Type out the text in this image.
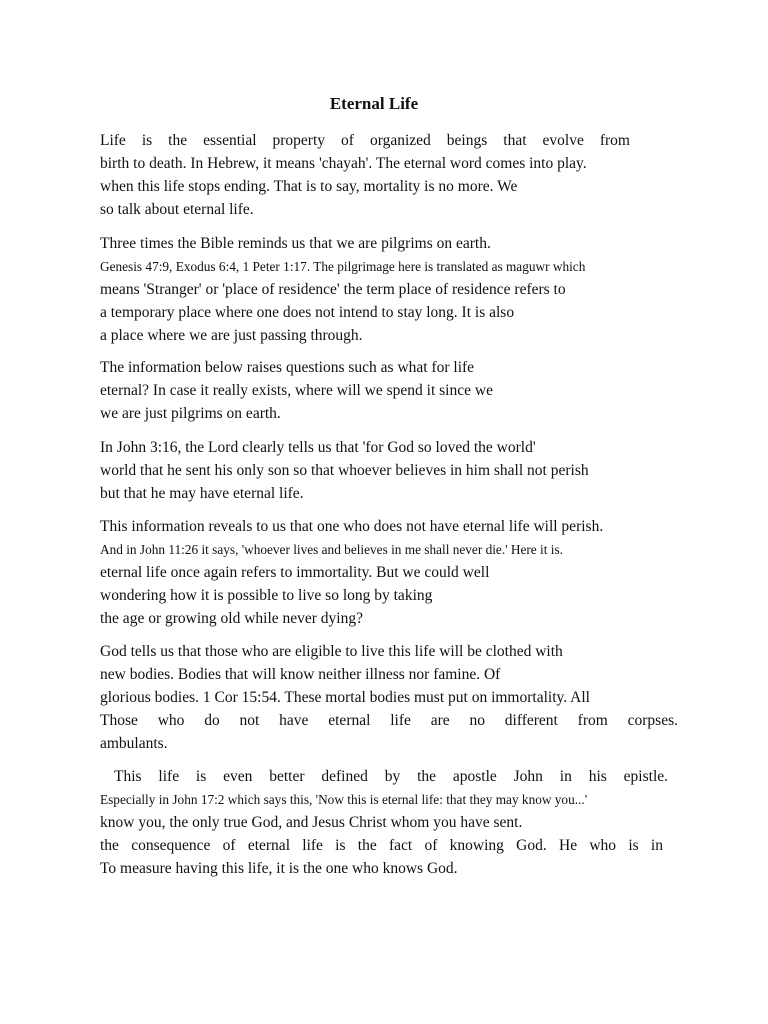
Eternal Life

Life is the essential property of organized beings that evolve from
birth to death. In Hebrew, it means 'chayah'. The eternal word comes into play.
when this life stops ending. That is to say, mortality is no more. We
so talk about eternal life.

Three times the Bible reminds us that we are pilgrims on earth.
Genesis 47:9, Exodus 6:4, 1 Peter 1:17. The pilgrimage here is translated as maguwr which
means 'Stranger' or 'place of residence' the term place of residence refers to
a temporary place where one does not intend to stay long. It is also
a place where we are just passing through.

The information below raises questions such as what for life
eternal? In case it really exists, where will we spend it since we
we are just pilgrims on earth.

In John 3:16, the Lord clearly tells us that 'for God so loved the world'
world that he sent his only son so that whoever believes in him shall not perish
but that he may have eternal life.

This information reveals to us that one who does not have eternal life will perish.
And in John 11:26 it says, 'whoever lives and believes in me shall never die.' Here it is.
eternal life once again refers to immortality. But we could well
wondering how it is possible to live so long by taking
the age or growing old while never dying?

God tells us that those who are eligible to live this life will be clothed with
new bodies. Bodies that will know neither illness nor famine. Of
glorious bodies. 1 Cor 15:54. These mortal bodies must put on immortality. All
Those who do not have eternal life are no different from corpses.
ambulants.

This life is even better defined by the apostle John in his epistle.
Especially in John 17:2 which says this, 'Now this is eternal life: that they may know you...'
know you, the only true God, and Jesus Christ whom you have sent.
the consequence of eternal life is the fact of knowing God. He who is in
To measure having this life, it is the one who knows God.
